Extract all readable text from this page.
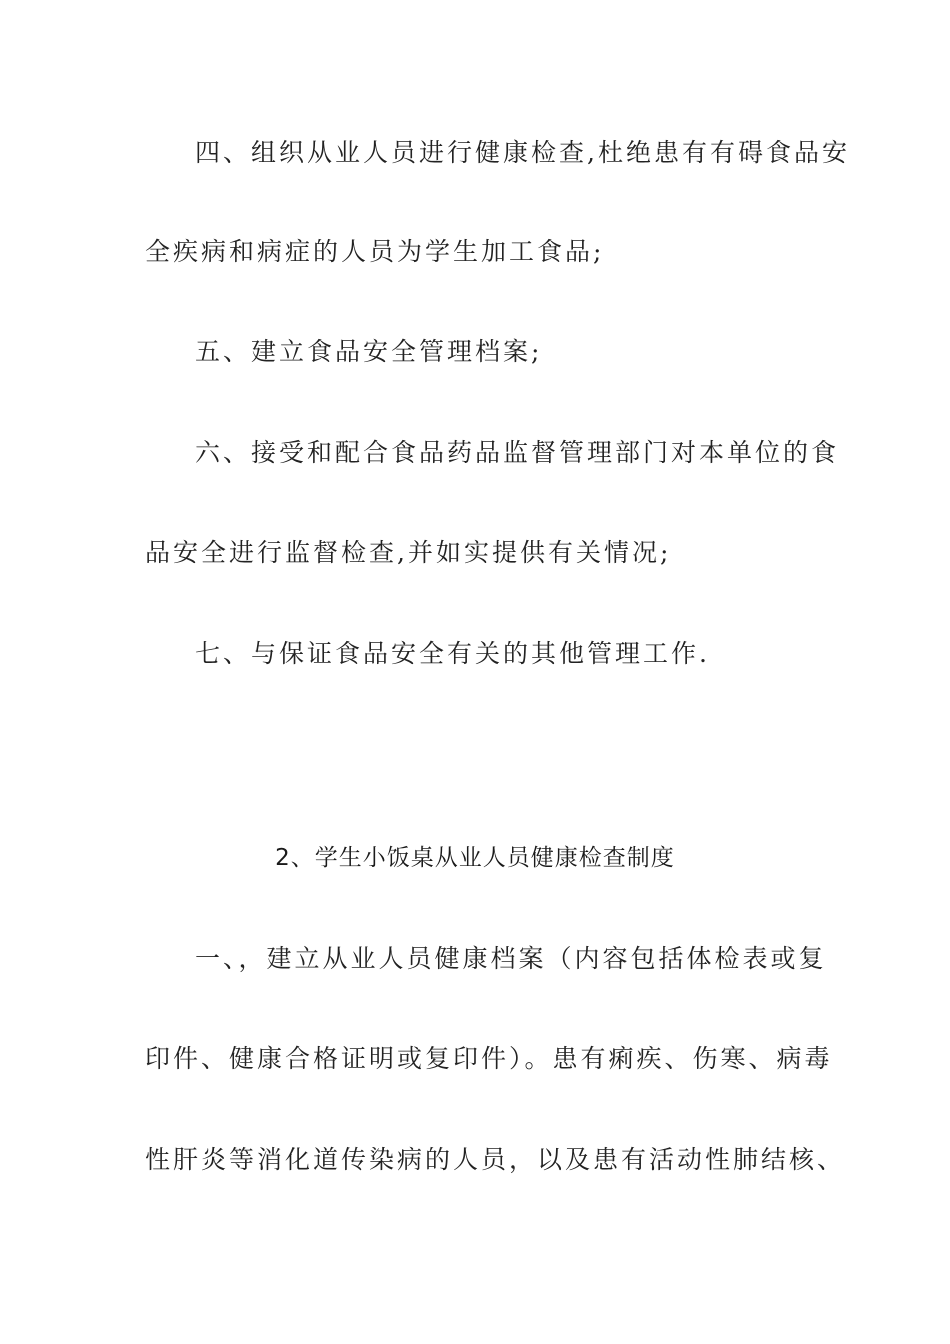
四、组织从业人员进行健康检查,杜绝患有有碍食品安
全疾病和病症的人员为学生加工食品;
五、建立食品安全管理档案;
六、接受和配合食品药品监督管理部门对本单位的食
品安全进行监督检查,并如实提供有关情况;
七、与保证食品安全有关的其他管理工作.
2、学生小饭桌从业人员健康检查制度
一、，建立从业人员健康档案（内容包括体检表或复
印件、健康合格证明或复印件）。患有痢疾、伤寒、病毒
性肝炎等消化道传染病的人员，以及患有活动性肺结核、
